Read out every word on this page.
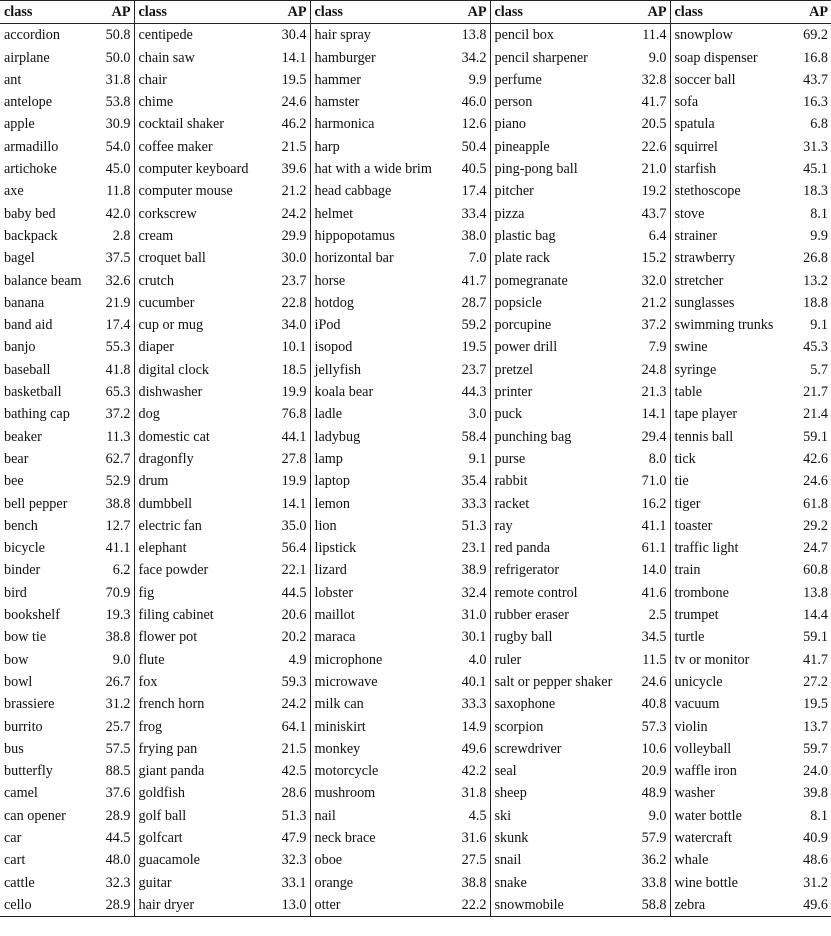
class	AP	class	AP	class	AP	class	AP	class	AP
accordion	50.8	centipede	30.4	hair spray	13.8	pencil box	11.4	snowplow	69.2
airplane	50.0	chain saw	14.1	hamburger	34.2	pencil sharpener	9.0	soap dispenser	16.8
ant	31.8	chair	19.5	hammer	9.9	perfume	32.8	soccer ball	43.7
antelope	53.8	chime	24.6	hamster	46.0	person	41.7	sofa	16.3
apple	30.9	cocktail shaker	46.2	harmonica	12.6	piano	20.5	spatula	6.8
armadillo	54.0	coffee maker	21.5	harp	50.4	pineapple	22.6	squirrel	31.3
artichoke	45.0	computer keyboard	39.6	hat with a wide brim	40.5	ping-pong ball	21.0	starfish	45.1
axe	11.8	computer mouse	21.2	head cabbage	17.4	pitcher	19.2	stethoscope	18.3
baby bed	42.0	corkscrew	24.2	helmet	33.4	pizza	43.7	stove	8.1
backpack	2.8	cream	29.9	hippopotamus	38.0	plastic bag	6.4	strainer	9.9
bagel	37.5	croquet ball	30.0	horizontal bar	7.0	plate rack	15.2	strawberry	26.8
balance beam	32.6	crutch	23.7	horse	41.7	pomegranate	32.0	stretcher	13.2
banana	21.9	cucumber	22.8	hotdog	28.7	popsicle	21.2	sunglasses	18.8
band aid	17.4	cup or mug	34.0	iPod	59.2	porcupine	37.2	swimming trunks	9.1
banjo	55.3	diaper	10.1	isopod	19.5	power drill	7.9	swine	45.3
baseball	41.8	digital clock	18.5	jellyfish	23.7	pretzel	24.8	syringe	5.7
basketball	65.3	dishwasher	19.9	koala bear	44.3	printer	21.3	table	21.7
bathing cap	37.2	dog	76.8	ladle	3.0	puck	14.1	tape player	21.4
beaker	11.3	domestic cat	44.1	ladybug	58.4	punching bag	29.4	tennis ball	59.1
bear	62.7	dragonfly	27.8	lamp	9.1	purse	8.0	tick	42.6
bee	52.9	drum	19.9	laptop	35.4	rabbit	71.0	tie	24.6
bell pepper	38.8	dumbbell	14.1	lemon	33.3	racket	16.2	tiger	61.8
bench	12.7	electric fan	35.0	lion	51.3	ray	41.1	toaster	29.2
bicycle	41.1	elephant	56.4	lipstick	23.1	red panda	61.1	traffic light	24.7
binder	6.2	face powder	22.1	lizard	38.9	refrigerator	14.0	train	60.8
bird	70.9	fig	44.5	lobster	32.4	remote control	41.6	trombone	13.8
bookshelf	19.3	filing cabinet	20.6	maillot	31.0	rubber eraser	2.5	trumpet	14.4
bow tie	38.8	flower pot	20.2	maraca	30.1	rugby ball	34.5	turtle	59.1
bow	9.0	flute	4.9	microphone	4.0	ruler	11.5	tv or monitor	41.7
bowl	26.7	fox	59.3	microwave	40.1	salt or pepper shaker	24.6	unicycle	27.2
brassiere	31.2	french horn	24.2	milk can	33.3	saxophone	40.8	vacuum	19.5
burrito	25.7	frog	64.1	miniskirt	14.9	scorpion	57.3	violin	13.7
bus	57.5	frying pan	21.5	monkey	49.6	screwdriver	10.6	volleyball	59.7
butterfly	88.5	giant panda	42.5	motorcycle	42.2	seal	20.9	waffle iron	24.0
camel	37.6	goldfish	28.6	mushroom	31.8	sheep	48.9	washer	39.8
can opener	28.9	golf ball	51.3	nail	4.5	ski	9.0	water bottle	8.1
car	44.5	golfcart	47.9	neck brace	31.6	skunk	57.9	watercraft	40.9
cart	48.0	guacamole	32.3	oboe	27.5	snail	36.2	whale	48.6
cattle	32.3	guitar	33.1	orange	38.8	snake	33.8	wine bottle	31.2
cello	28.9	hair dryer	13.0	otter	22.2	snowmobile	58.8	zebra	49.6
